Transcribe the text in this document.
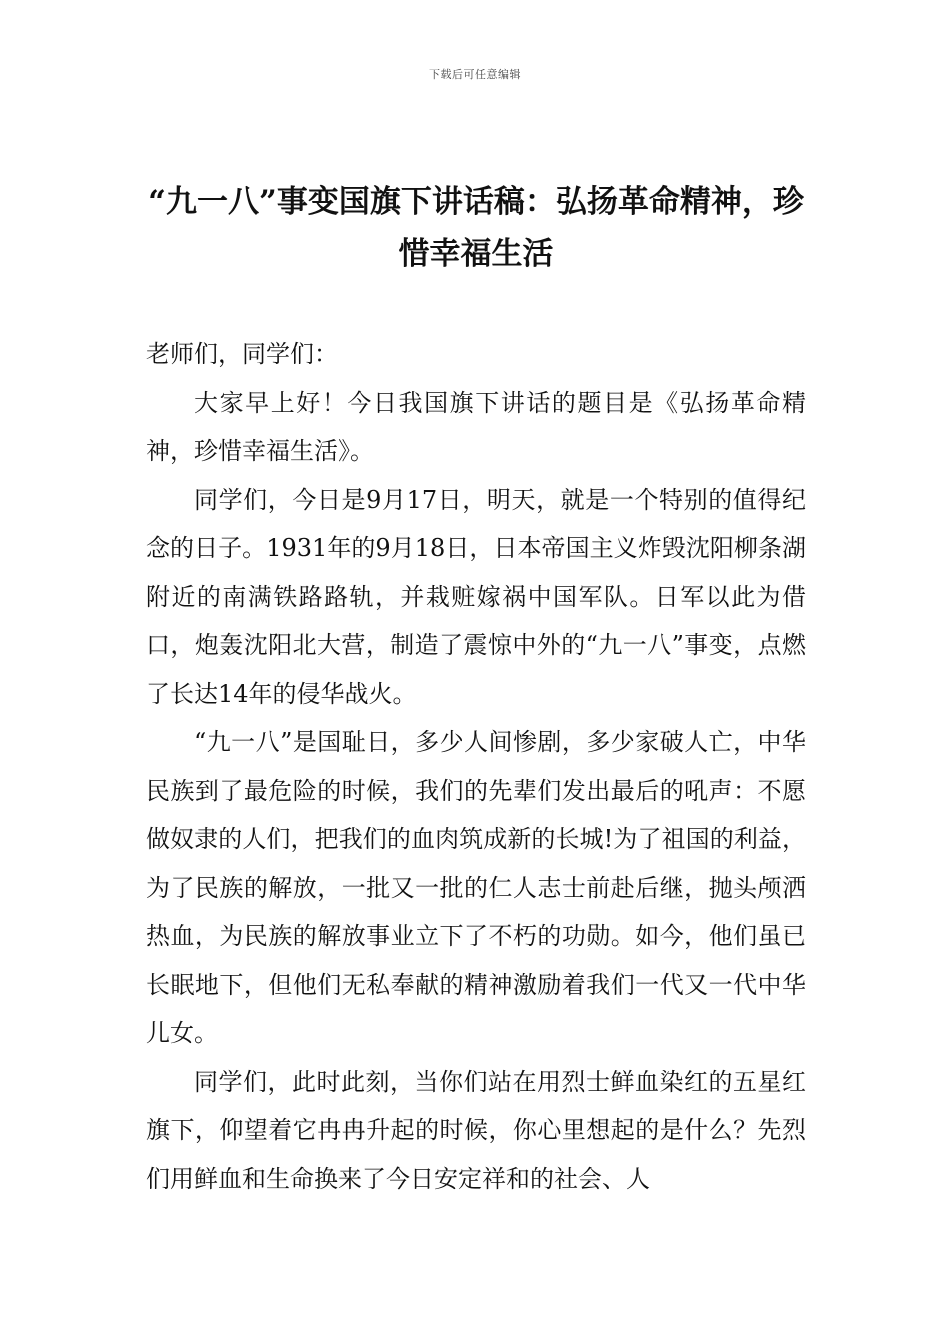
下载后可任意编辑
“九一八”事变国旗下讲话稿：弘扬革命精神，珍惜幸福生活

老师们，同学们：

大家早上好！今日我国旗下讲话的题目是《弘扬革命精神，珍惜幸福生活》。

同学们，今日是9月17日，明天，就是一个特别的值得纪念的日子。1931年的9月18日，日本帝国主义炸毁沈阳柳条湖附近的南满铁路路轨，并栽赃嫁祸中国军队。日军以此为借口，炮轰沈阳北大营，制造了震惊中外的“九一八”事变，点燃了长达14年的侵华战火。

“九一八”是国耻日，多少人间惨剧，多少家破人亡，中华民族到了最危险的时候，我们的先辈们发出最后的吼声：不愿做奴隶的人们，把我们的血肉筑成新的长城!为了祖国的利益，为了民族的解放，一批又一批的仁人志士前赴后继，抛头颅洒热血，为民族的解放事业立下了不朽的功勋。如今，他们虽已长眠地下，但他们无私奉献的精神激励着我们一代又一代中华儿女。

同学们，此时此刻，当你们站在用烈士鲜血染红的五星红旗下，仰望着它冉冉升起的时候，你心里想起的是什么？先烈们用鲜血和生命换来了今日安定祥和的社会、人
